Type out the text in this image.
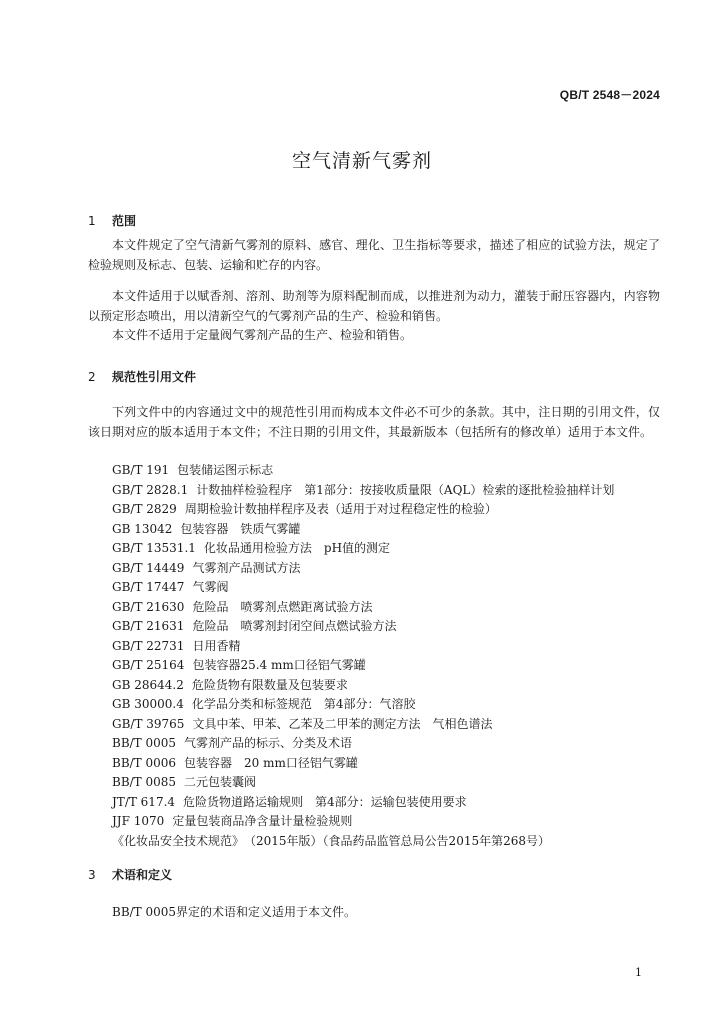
QB/T 2548－2024
空气清新气雾剂
1 范围

本文件规定了空气清新气雾剂的原料、感官、理化、卫生指标等要求，描述了相应的试验方法，规定了检验规则及标志、包装、运输和贮存的内容。

本文件适用于以赋香剂、溶剂、助剂等为原料配制而成，以推进剂为动力，灌装于耐压容器内，内容物以预定形态喷出，用以清新空气的气雾剂产品的生产、检验和销售。

本文件不适用于定量阀气雾剂产品的生产、检验和销售。

2 规范性引用文件

下列文件中的内容通过文中的规范性引用而构成本文件必不可少的条款。其中，注日期的引用文件，仅该日期对应的版本适用于本文件；不注日期的引用文件，其最新版本（包括所有的修改单）适用于本文件。

GB/T 191 包装储运图示标志
GB/T 2828.1 计数抽样检验程序　第1部分：按接收质量限（AQL）检索的逐批检验抽样计划
GB/T 2829 周期检验计数抽样程序及表（适用于对过程稳定性的检验）
GB 13042 包装容器　铁质气雾罐
GB/T 13531.1 化妆品通用检验方法　pH值的测定
GB/T 14449 气雾剂产品测试方法
GB/T 17447 气雾阀
GB/T 21630 危险品　喷雾剂点燃距离试验方法
GB/T 21631 危险品　喷雾剂封闭空间点燃试验方法
GB/T 22731 日用香精
GB/T 25164 包装容器25.4 mm口径铝气雾罐
GB 28644.2 危险货物有限数量及包装要求
GB 30000.4 化学品分类和标签规范　第4部分：气溶胶
GB/T 39765 文具中苯、甲苯、乙苯及二甲苯的测定方法　气相色谱法
BB/T 0005 气雾剂产品的标示、分类及术语
BB/T 0006 包装容器　20 mm口径铝气雾罐
BB/T 0085 二元包装囊阀
JT/T 617.4 危险货物道路运输规则　第4部分：运输包装使用要求
JJF 1070 定量包装商品净含量计量检验规则
《化妆品安全技术规范》（2015年版）（食品药品监管总局公告2015年第268号）
3 术语和定义

BB/T 0005界定的术语和定义适用于本文件。

1
